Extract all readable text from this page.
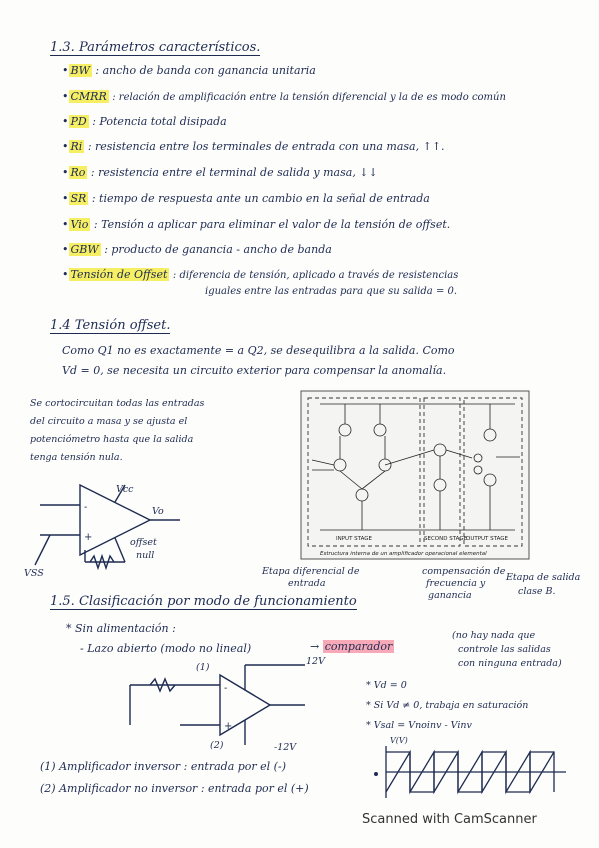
1.3. Parámetros característicos.
• BW : ancho de banda con ganancia unitaria
• CMRR : relación de amplificación entre la tensión diferencial y la de es modo común
• PD : Potencia total disipada
• Ri : resistencia entre los terminales de entrada con una masa, ↑↑.
• Ro : resistencia entre el terminal de salida y masa, ↓↓
• SR : tiempo de respuesta ante un cambio en la señal de entrada
• Vio : Tensión a aplicar para eliminar el valor de la tensión de offset.
• GBW : producto de ganancia - ancho de banda
• Tensión de Offset : diferencia de tensión, aplicado a través de resistencias
iguales entre las entradas para que su salida = 0.
1.4 Tensión offset.
Como Q1 no es exactamente = a Q2, se desequilibra a la salida. Como
Vd = 0, se necesita un circuito exterior para compensar la anomalía.
Se cortocircuitan todas las entradas
del circuito a masa y se ajusta el
potenciómetro hasta que la salida
tenga tensión nula.
-
+
Vcc
Vo
offset
null
VSS
INPUT STAGE	SECOND STAGE
OUTPUT STAGE
Estructura interna de un amplificador operacional elemental
Etapa diferencial de
entrada
compensación de
frecuencia y
ganancia
Etapa de salida
clase B.
1.5. Clasificación por modo de funcionamiento
* Sin alimentación :
- Lazo abierto (modo no lineal)	→ comparador
(no hay nada que
controle las salidas
con ninguna entrada)
-
+
(1)
(2)
12V
-12V
* Vd = 0
* Si Vd ≠ 0, trabaja en saturación
* Vsal = Vnoinv - Vinv
V(V)
(1) Amplificador inversor : entrada por el (-)
(2) Amplificador no inversor : entrada por el (+)
Scanned with CamScanner
